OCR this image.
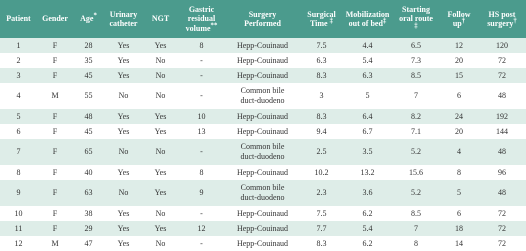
Patient	Gender	Age*	Urinary catheter	NGT	Gastric residual volume**	Surgery Performed	Surgical Time ‡	Mobilization out of bed‡	Starting oral route ‡	Follow up†	HS post surgery†
1	F	28	Yes	Yes	8	Hepp-Couinaud	7.5	4.4	6.5	12	120
2	F	35	Yes	No	-	Hepp-Couinaud	6.3	5.4	7.3	20	72
3	F	45	Yes	No	-	Hepp-Couinaud	8.3	6.3	8.5	15	72
4	M	55	No	No	-	Common bile duct-duodeno	3	5	7	6	48
5	F	48	Yes	Yes	10	Hepp-Couinaud	8.3	6.4	8.2	24	192
6	F	45	Yes	Yes	13	Hepp-Couinaud	9.4	6.7	7.1	20	144
7	F	65	No	No	-	Common bile duct-duodeno	2.5	3.5	5.2	4	48
8	F	40	Yes	Yes	8	Hepp-Couinaud	10.2	13.2	15.6	8	96
9	F	63	No	Yes	9	Common bile duct-duodeno	2.3	3.6	5.2	5	48
10	F	38	Yes	No	-	Hepp-Couinaud	7.5	6.2	8.5	6	72
11	F	29	Yes	Yes	12	Hepp-Couinaud	7.7	5.4	7	18	72
12	M	47	Yes	No	-	Hepp-Couinaud	8.3	6.2	8	14	72
